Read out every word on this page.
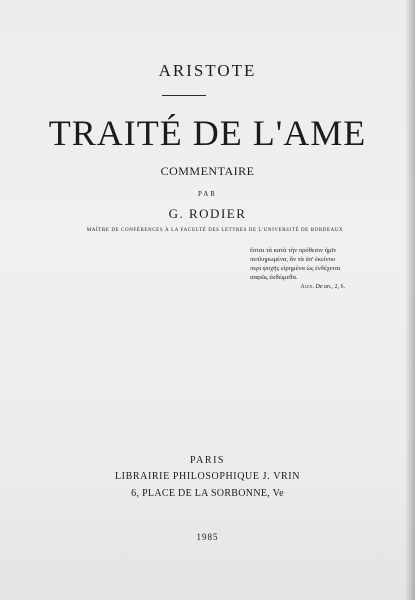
ARISTOTE
TRAITÉ DE L'AME
COMMENTAIRE
PAR
G. RODIER
MAÎTRE DE CONFÉRENCES À LA FACULTÉ DES LETTRES DE L'UNIVERSITÉ DE BORDEAUX
ἔσται τὰ κατὰ τὴν πρόθεσιν ἡμῖν
πεπληρωμένα, ἂν τὰ ὑπ' ἐκείνου
περὶ ψυχῆς εἰρημένα ὡς ἐνδέχεται
σαφῶς ἐκθώμεθα.
Alex. De an., 2, 6.
PARIS
LIBRAIRIE PHILOSOPHIQUE J. VRIN
6, PLACE DE LA SORBONNE, Ve
1985
